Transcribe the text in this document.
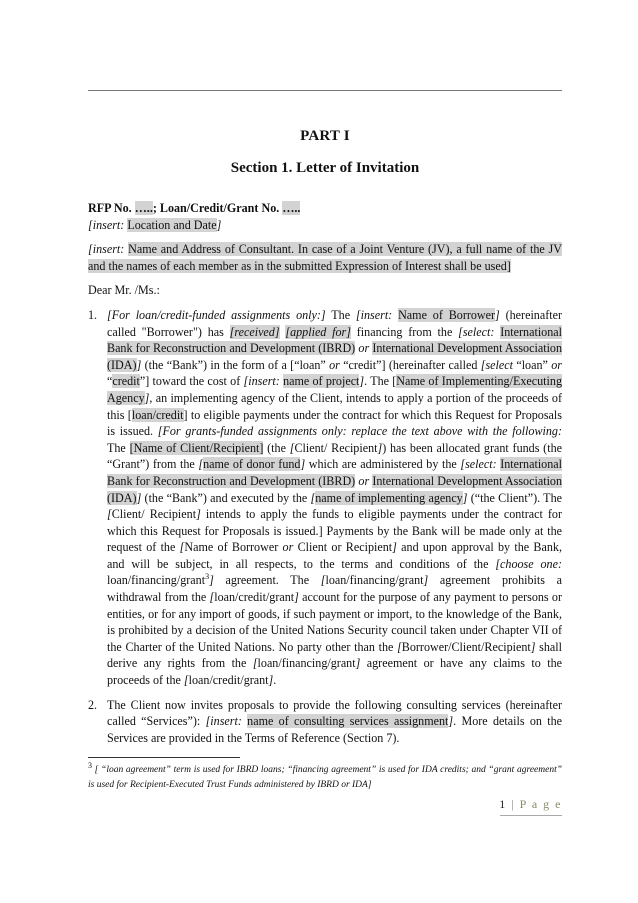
PART I
Section 1. Letter of Invitation
RFP No. …..; Loan/Credit/Grant No. …..
[insert: Location and Date]
[insert: Name and Address of Consultant. In case of a Joint Venture (JV), a full name of the JV and the names of each member as in the submitted Expression of Interest shall be used]
Dear Mr. /Ms.:
1. [For loan/credit-funded assignments only:] The [insert: Name of Borrower] (hereinafter called "Borrower") has [received] [applied for] financing from the [select: International Bank for Reconstruction and Development (IBRD) or International Development Association (IDA)] (the “Bank”) in the form of a [“loan” or “credit”] (hereinafter called [select “loan” or “credit”] toward the cost of [insert: name of project]. The [Name of Implementing/Executing Agency], an implementing agency of the Client, intends to apply a portion of the proceeds of this [loan/credit] to eligible payments under the contract for which this Request for Proposals is issued. [For grants-funded assignments only: replace the text above with the following: The [Name of Client/Recipient] (the [Client/ Recipient]) has been allocated grant funds (the “Grant”) from the [name of donor fund] which are administered by the [select: International Bank for Reconstruction and Development (IBRD) or International Development Association (IDA)] (the “Bank”) and executed by the [name of implementing agency] (“the Client”). The [Client/ Recipient] intends to apply the funds to eligible payments under the contract for which this Request for Proposals is issued.] Payments by the Bank will be made only at the request of the [Name of Borrower or Client or Recipient] and upon approval by the Bank, and will be subject, in all respects, to the terms and conditions of the [choose one: loan/financing/grant$^3$] agreement. The [loan/financing/grant] agreement prohibits a withdrawal from the [loan/credit/grant] account for the purpose of any payment to persons or entities, or for any import of goods, if such payment or import, to the knowledge of the Bank, is prohibited by a decision of the United Nations Security council taken under Chapter VII of the Charter of the United Nations. No party other than the [Borrower/Client/Recipient] shall derive any rights from the [loan/financing/grant] agreement or have any claims to the proceeds of the [loan/credit/grant].
2. The Client now invites proposals to provide the following consulting services (hereinafter called “Services”): [insert: name of consulting services assignment]. More details on the Services are provided in the Terms of Reference (Section 7).
$^3$ [ “loan agreement” term is used for IBRD loans; “financing agreement” is used for IDA credits; and “grant agreement” is used for Recipient-Executed Trust Funds administered by IBRD or IDA]
1 | P a g e
